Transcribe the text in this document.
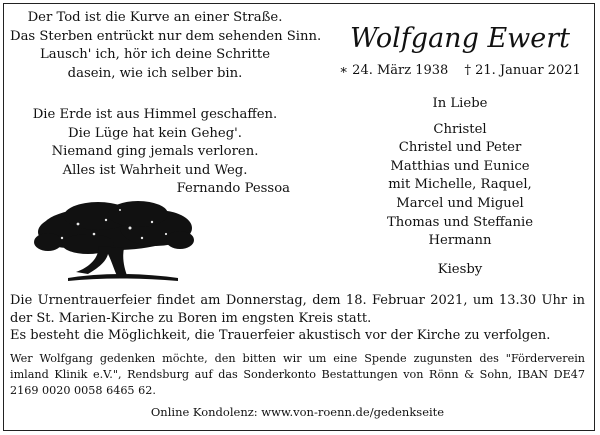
Der Tod ist die Kurve an einer Straße.
Das Sterben entrückt nur dem sehenden Sinn.
Lausch' ich, hör ich deine Schritte
dasein, wie ich selber bin.
Die Erde ist aus Himmel geschaffen.
Die Lüge hat kein Geheg'.
Niemand ging jemals verloren.
Alles ist Wahrheit und Weg.
Fernando Pessoa
Wolfgang Ewert
∗ 24. März 1938 † 21. Januar 2021
In Liebe
Christel
Christel und Peter
Matthias und Eunice
mit Michelle, Raquel,
Marcel und Miguel
Thomas und Steffanie
Hermann
Kiesby
Die Urnentrauerfeier findet am Donnerstag, dem 18. Februar 2021, um 13.30 Uhr in der St. Marien-Kirche zu Boren im engsten Kreis statt.
Es besteht die Möglichkeit, die Trauerfeier akustisch vor der Kirche zu verfolgen.
Wer Wolfgang gedenken möchte, den bitten wir um eine Spende zugunsten des "Förderverein imland Klinik e.V.", Rendsburg auf das Sonderkonto Bestattungen von Rönn & Sohn, IBAN DE47 2169 0020 0058 6465 62.
Online Kondolenz: www.von-roenn.de/gedenkseite
